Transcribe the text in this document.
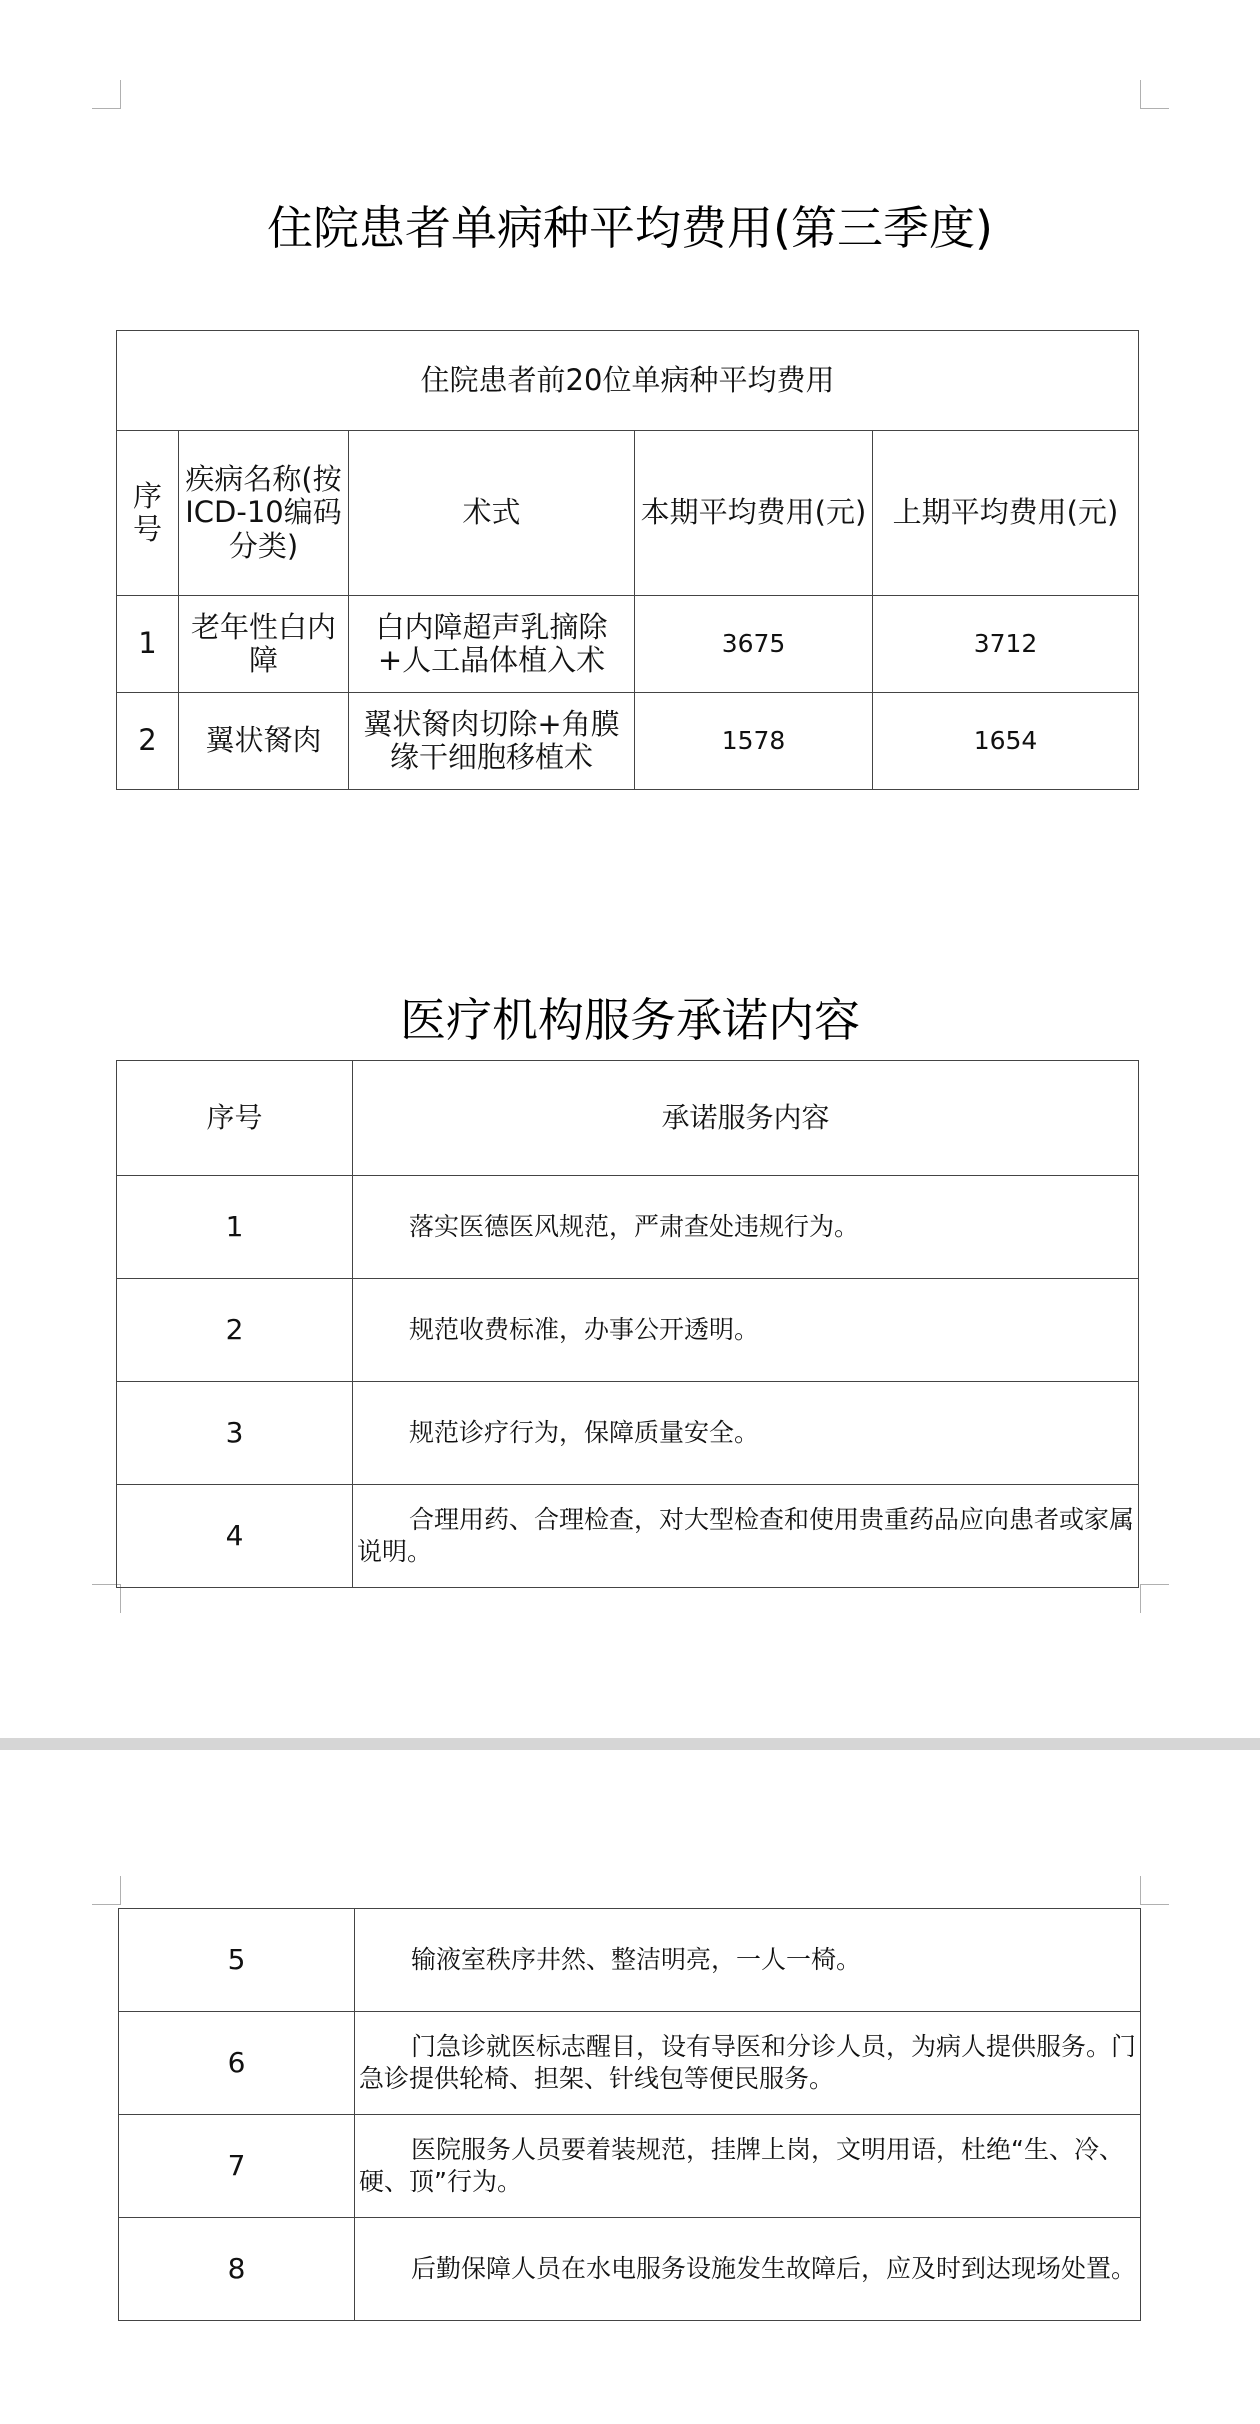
住院患者单病种平均费用(第三季度)
住院患者前20位单病种平均费用				
序号	疾病名称(按ICD-10编码分类)	术式	本期平均费用(元)	上期平均费用(元)
1	老年性白内障	白内障超声乳摘除+人工晶体植入术	3675	3712
2	翼状胬肉	翼状胬肉切除+角膜缘干细胞移植术	1578	1654
医疗机构服务承诺内容
序号	承诺服务内容
1	落实医德医风规范，严肃查处违规行为。
2	规范收费标准，办事公开透明。
3	规范诊疗行为，保障质量安全。
4	合理用药、合理检查，对大型检查和使用贵重药品应向患者或家属说明。
5	输液室秩序井然、整洁明亮，一人一椅。
6	门急诊就医标志醒目，设有导医和分诊人员，为病人提供服务。门急诊提供轮椅、担架、针线包等便民服务。
7	医院服务人员要着装规范，挂牌上岗，文明用语，杜绝“生、冷、硬、顶”行为。
8	后勤保障人员在水电服务设施发生故障后，应及时到达现场处置。
